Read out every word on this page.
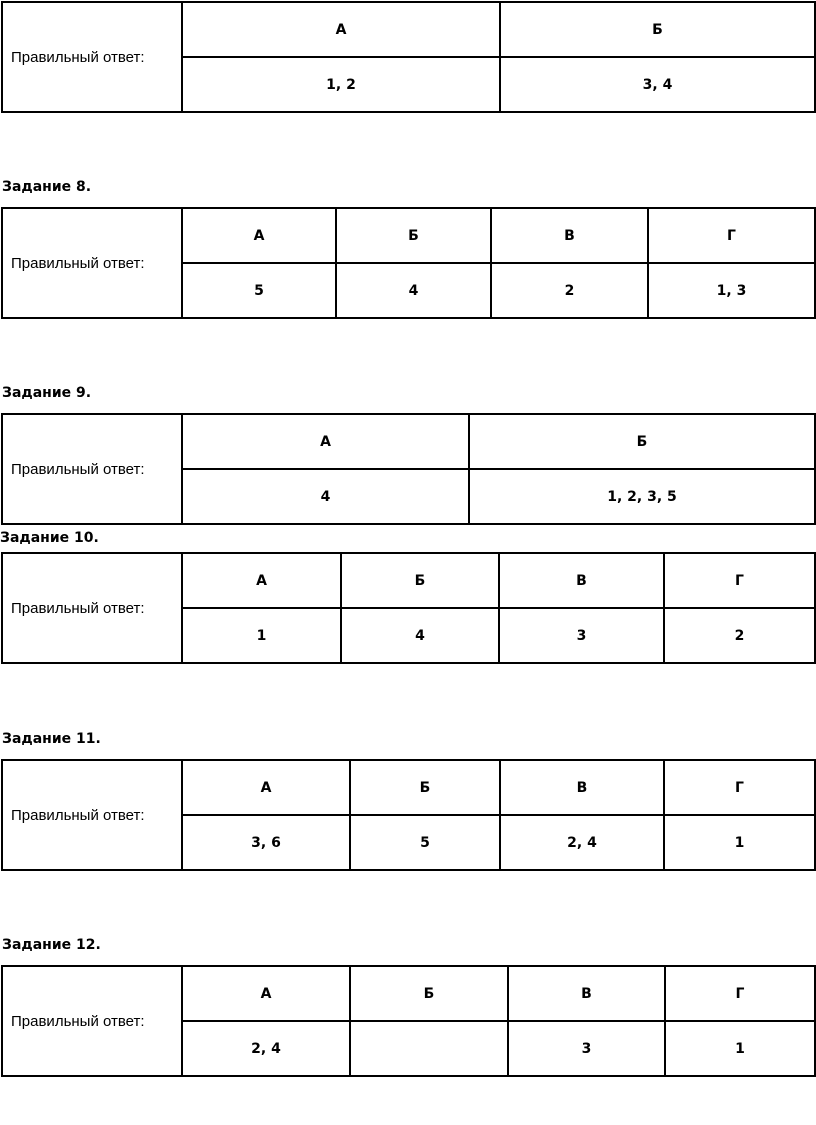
Правильный ответ:	А	Б
	1, 2	3, 4

Задание 8.

Правильный ответ:	А	Б	В	Г
	5	4	2	1, 3

Задание 9.

Правильный ответ:	А	Б
	4	1, 2, 3, 5

Задание 10.

Правильный ответ:	А	Б	В	Г
	1	4	3	2

Задание 11.

Правильный ответ:	А	Б	В	Г
	3, 6	5	2, 4	1

Задание 12.

Правильный ответ:	А	Б	В	Г
	2, 4		3	1
